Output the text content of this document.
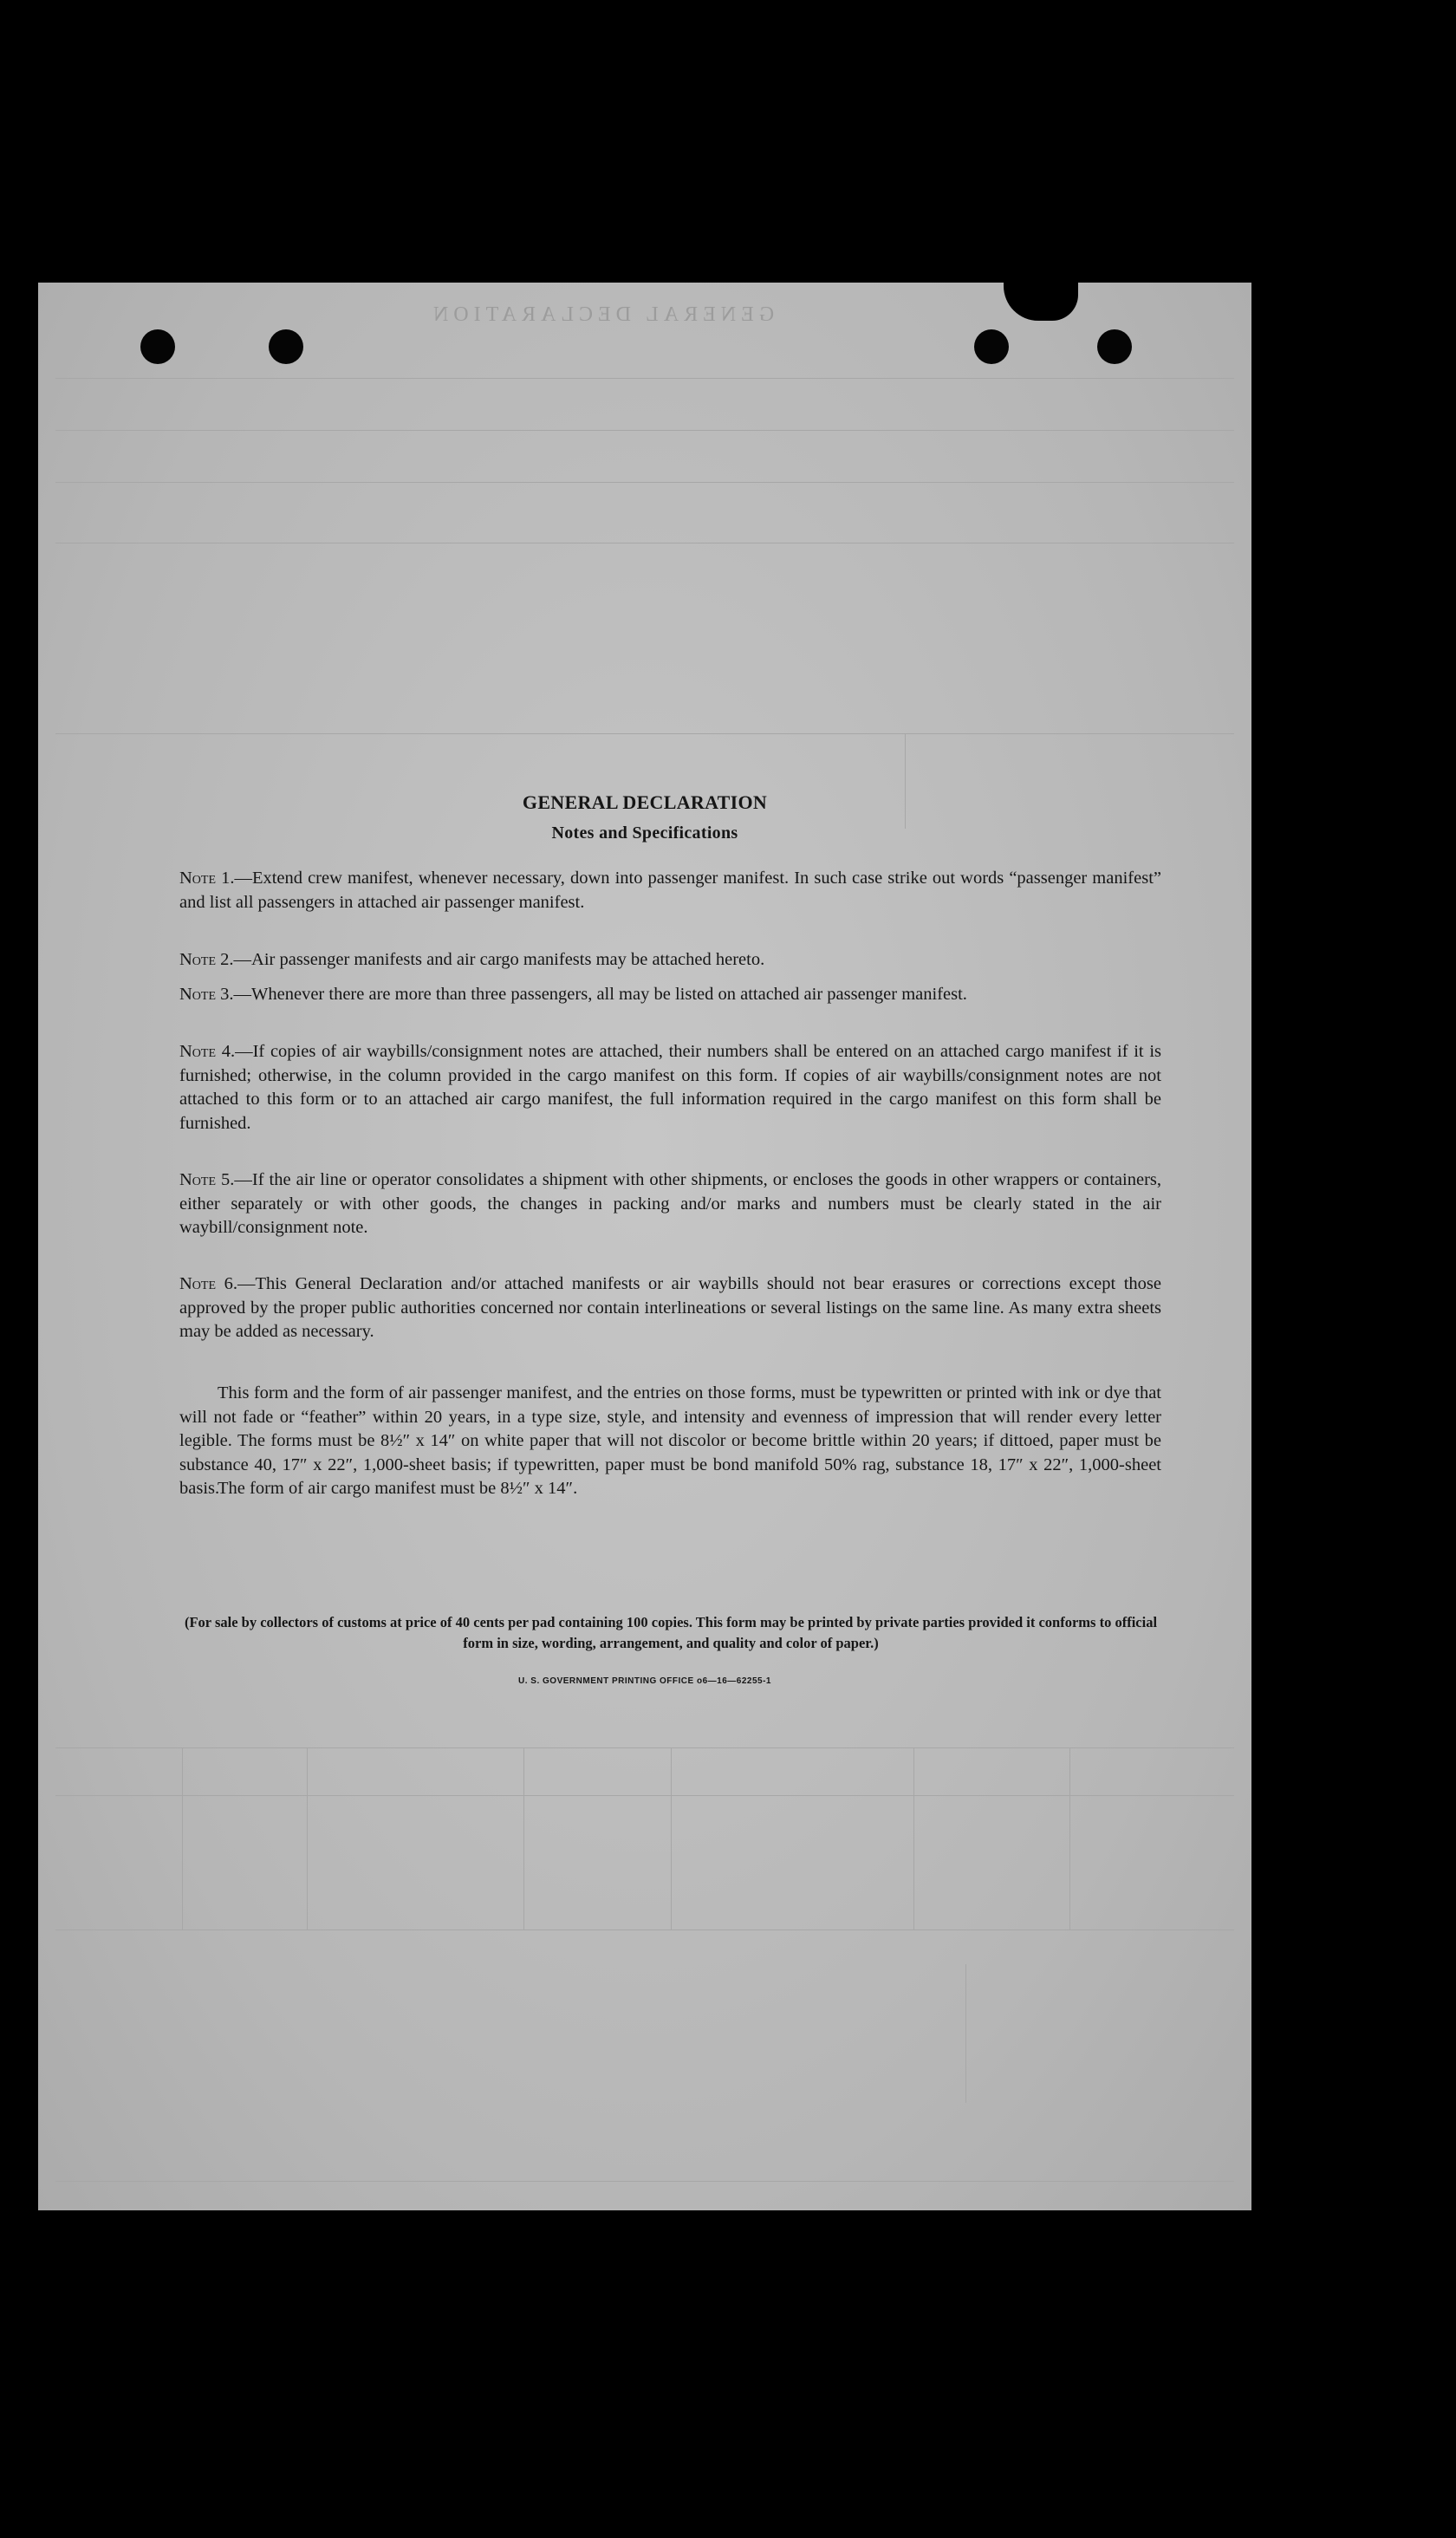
GENERAL DECLARATION
GENERAL DECLARATION
Notes and Specifications
Note 1.—Extend crew manifest, whenever necessary, down into passenger manifest. In such case strike out words “passenger manifest” and list all passengers in attached air passenger manifest.
Note 2.—Air passenger manifests and air cargo manifests may be attached hereto.
Note 3.—Whenever there are more than three passengers, all may be listed on attached air passenger manifest.
Note 4.—If copies of air waybills/consignment notes are attached, their numbers shall be entered on an attached cargo manifest if it is furnished; otherwise, in the column provided in the cargo manifest on this form. If copies of air waybills/consignment notes are not attached to this form or to an attached air cargo manifest, the full information required in the cargo manifest on this form shall be furnished.
Note 5.—If the air line or operator consolidates a shipment with other shipments, or encloses the goods in other wrappers or containers, either separately or with other goods, the changes in packing and/or marks and numbers must be clearly stated in the air waybill/consignment note.
Note 6.—This General Declaration and/or attached manifests or air waybills should not bear erasures or corrections except those approved by the proper public authorities concerned nor contain interlineations or several listings on the same line. As many extra sheets may be added as necessary.
This form and the form of air passenger manifest, and the entries on those forms, must be typewritten or printed with ink or dye that will not fade or “feather” within 20 years, in a type size, style, and intensity and evenness of impression that will render every letter legible. The forms must be 8½″ x 14″ on white paper that will not discolor or become brittle within 20 years; if dittoed, paper must be substance 40, 17″ x 22″, 1,000-sheet basis; if typewritten, paper must be bond manifold 50% rag, substance 18, 17″ x 22″, 1,000-sheet basis.
The form of air cargo manifest must be 8½″ x 14″.
(For sale by collectors of customs at price of 40 cents per pad containing 100 copies. This form may be printed by private parties provided it conforms to official form in size, wording, arrangement, and quality and color of paper.)
U. S. GOVERNMENT PRINTING OFFICE o6—16—62255-1
